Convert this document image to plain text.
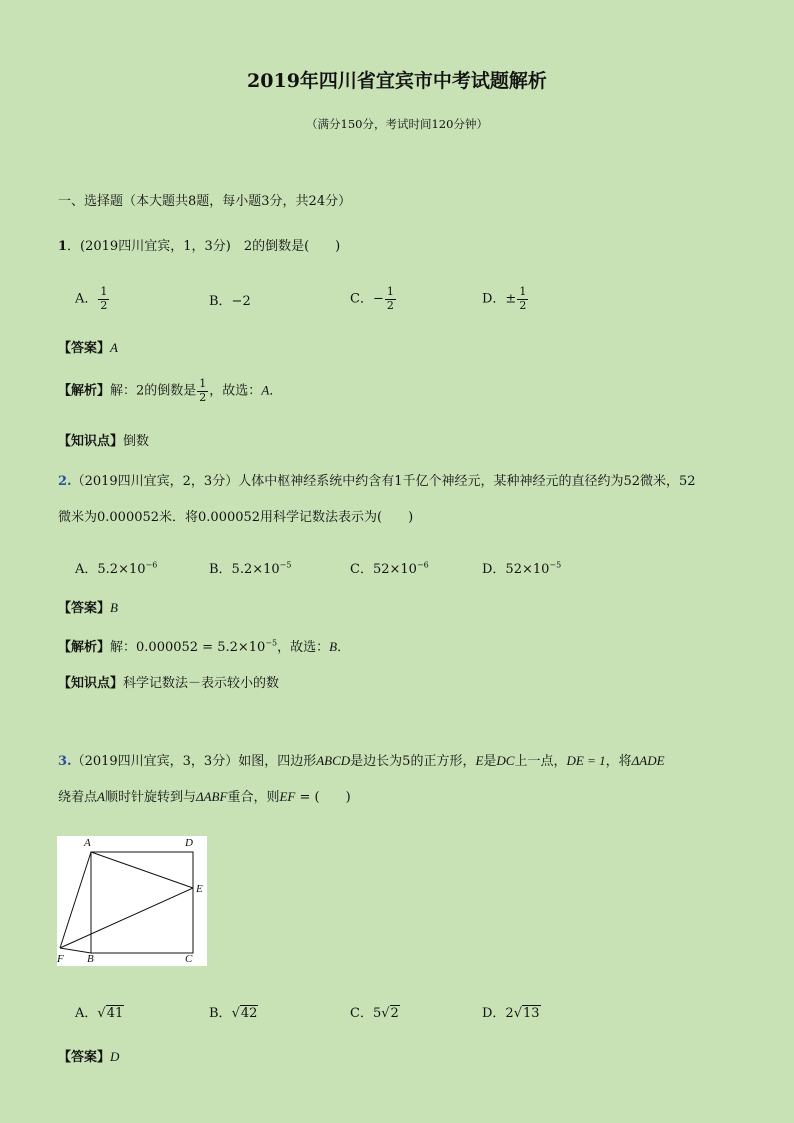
2019年四川省宜宾市中考试题解析
（满分150分，考试时间120分钟）
一、选择题（本大题共8题，每小题3分，共24分）
1．(2019四川宜宾，1，3分)　2的倒数是(　　)
A． $\frac{1}{2}$	B．−2	C．− $\frac{1}{2}$	D．± $\frac{1}{2}$
【答案】A
【解析】解：2的倒数是 $\frac{1}{2}$ ，故选：A．
【知识点】倒数
2.（2019四川宜宾，2，3分）人体中枢神经系统中约含有1千亿个神经元，某种神经元的直径约为52微米，52
微米为0.000052米．将0.000052用科学记数法表示为(　　)
A．$5.2\times 10^{-6}$	B．$5.2\times 10^{-5}$	C．$52\times 10^{-6}$	D．$52\times 10^{-5}$
【答案】B
【解析】解：$0.000052 = 5.2\times 10^{-5}$，故选：B．
【知识点】科学记数法－表示较小的数
3.（2019四川宜宾，3，3分）如图，四边形ABCD是边长为5的正方形，E是DC上一点，DE = 1，将ΔADE
绕着点A顺时针旋转到与ΔABF重合，则EF = (　　)
A	D
E
F B	C
A．√41	B．√42	C．5√2	D．2√13
【答案】D
